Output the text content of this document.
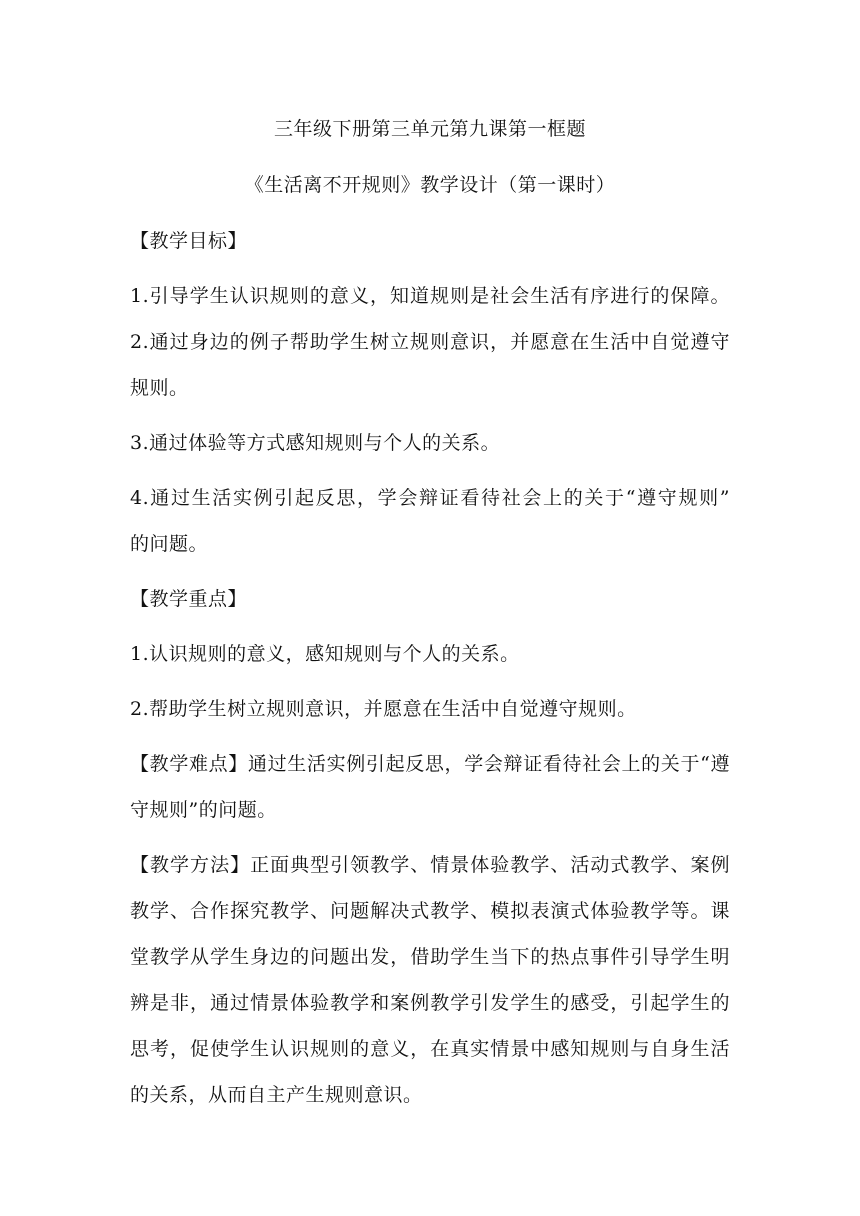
三年级下册第三单元第九课第一框题
《生活离不开规则》教学设计（第一课时）
【教学目标】
1.引导学生认识规则的意义，知道规则是社会生活有序进行的保障。
2.通过身边的例子帮助学生树立规则意识，并愿意在生活中自觉遵守
规则。
3.通过体验等方式感知规则与个人的关系。
4.通过生活实例引起反思，学会辩证看待社会上的关于“遵守规则”
的问题。
【教学重点】
1.认识规则的意义，感知规则与个人的关系。
2.帮助学生树立规则意识，并愿意在生活中自觉遵守规则。
【教学难点】通过生活实例引起反思，学会辩证看待社会上的关于“遵
守规则”的问题。
【教学方法】正面典型引领教学、情景体验教学、活动式教学、案例
教学、合作探究教学、问题解决式教学、模拟表演式体验教学等。课
堂教学从学生身边的问题出发，借助学生当下的热点事件引导学生明
辨是非，通过情景体验教学和案例教学引发学生的感受，引起学生的
思考，促使学生认识规则的意义，在真实情景中感知规则与自身生活
的关系，从而自主产生规则意识。
